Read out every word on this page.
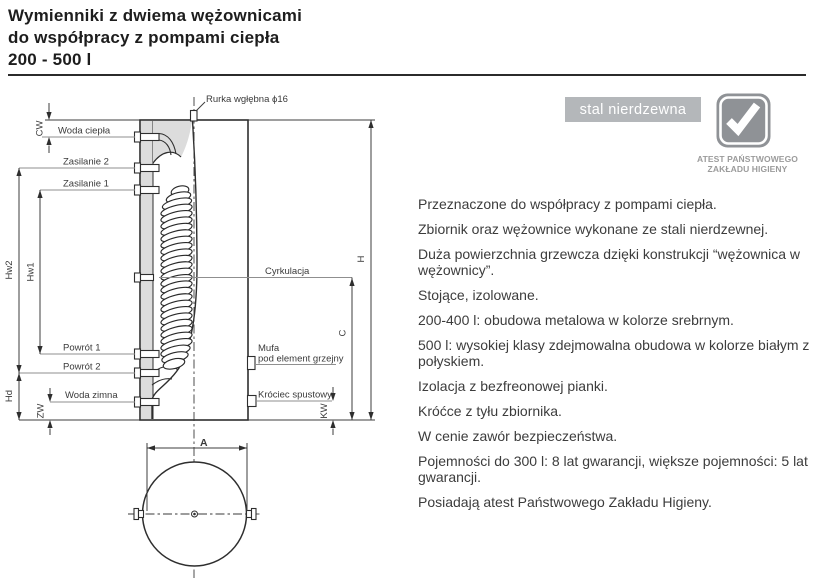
Wymienniki z dwiema wężownicami
do współpracy z pompami ciepła
200 - 500 l
stal nierdzewna
ATEST PAŃSTWOWEGO
ZAKŁADU HIGIENY

Przeznaczone do współpracy z pompami ciepła.

Zbiornik oraz wężownice wykonane ze stali nierdzewnej.

Duża powierzchnia grzewcza dzięki konstrukcji “wężownica w wężownicy”.

Stojące, izolowane.

200-400 l: obudowa metalowa w kolorze srebrnym.

500 l: wysokiej klasy zdejmowalna obudowa w kolorze białym z połyskiem.

Izolacja z bezfreonowej pianki.

Króćce z tyłu zbiornika.

W cenie zawór bezpieczeństwa.

Pojemności do 300 l: 8 lat gwarancji, większe pojemności: 5 lat gwarancji.

Posiadają atest Państwowego Zakładu Higieny.

Rurka wgłębna ϕ16
Woda ciepła
Zasilanie 2
Zasilanie 1
Cyrkulacja
Powrót 1
Powrót 2
Woda zimna
Mufa
pod element grzejny
Króciec spustowy
CW
Hw2 Hw1
Hd
ZW
H
C
KW
A
